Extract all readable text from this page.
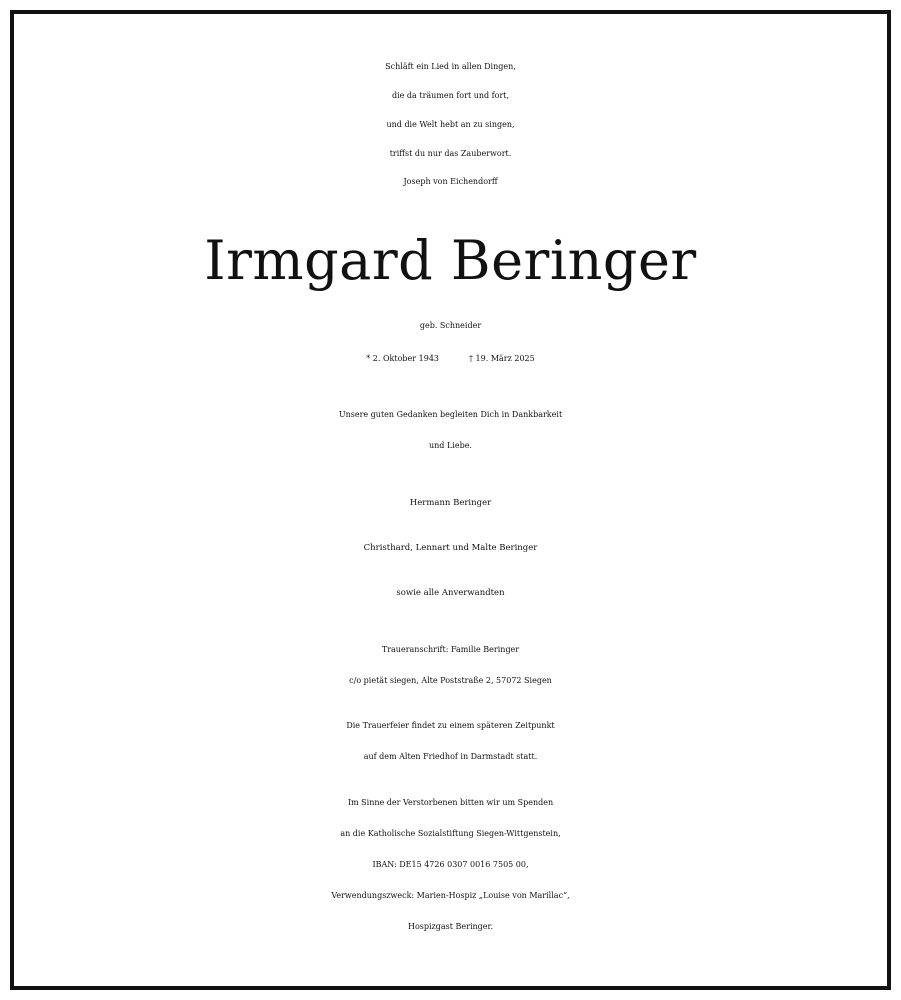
Schläft ein Lied in allen Dingen,
die da träumen fort und fort,
und die Welt hebt an zu singen,
triffst du nur das Zauberwort.
Joseph von Eichendorff
Irmgard Beringer
geb. Schneider
* 2. Oktober 1943	† 19. März 2025
Unsere guten Gedanken begleiten Dich in Dankbarkeit
und Liebe.
Hermann Beringer
Christhard, Lennart und Malte Beringer
sowie alle Anverwandten
Traueranschrift: Familie Beringer
c/o pietät siegen, Alte Poststraße 2, 57072 Siegen
Die Trauerfeier findet zu einem späteren Zeitpunkt
auf dem Alten Friedhof in Darmstadt statt.
Im Sinne der Verstorbenen bitten wir um Spenden
an die Katholische Sozialstiftung Siegen-Wittgenstein,
IBAN: DE15 4726 0307 0016 7505 00,
Verwendungszweck: Marien-Hospiz „Louise von Marillac“,
Hospizgast Beringer.
